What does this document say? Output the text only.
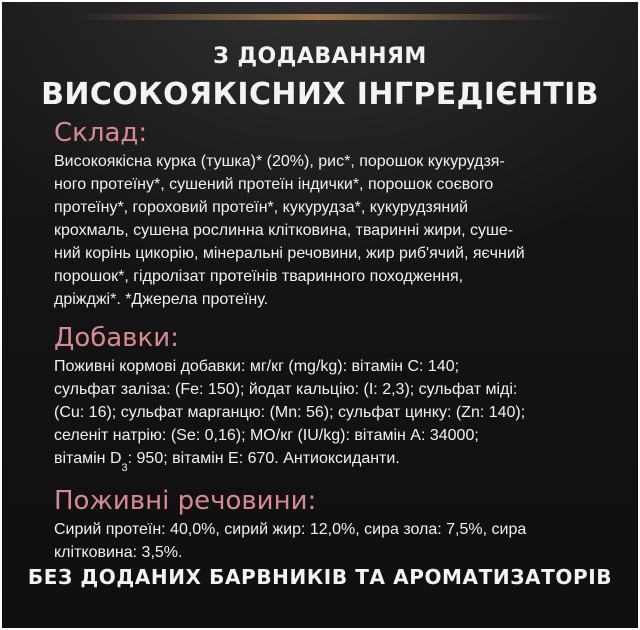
З ДОДАВАННЯМ
ВИСОКОЯКІСНИХ ІНГРЕДІЄНТІВ
Склад:
Високоякісна курка (тушка)* (20%), рис*, порошок кукурудзя-
ного протеїну*, сушений протеїн індички*, порошок соєвого
протеїну*, гороховий протеїн*, кукурудза*, кукурудзяний
крохмаль, сушена рослинна клітковина, тваринні жири, суше-
ний корінь цикорію, мінеральні речовини, жир риб'ячий, яєчний
порошок*, гідролізат протеїнів тваринного походження,
дріжджі*. *Джерела протеїну.
Добавки:
Поживні кормові добавки: мг/кг (mg/kg): вітамін С: 140;
сульфат заліза: (Fe: 150); йодат кальцію: (I: 2,3); сульфат міді:
(Cu: 16); сульфат марганцю: (Mn: 56); сульфат цинку: (Zn: 140);
селеніт натрію: (Se: 0,16); МО/кг (IU/kg): вітамін А: 34000;
вітамін $D_3$: 950; вітамін Е: 670. Антиоксиданти.
Поживні речовини:
Сирий протеїн: 40,0%, сирий жир: 12,0%, сира зола: 7,5%, сира
клітковина: 3,5%.
БЕЗ ДОДАНИХ БАРВНИКІВ ТА АРОМАТИЗАТОРІВ
